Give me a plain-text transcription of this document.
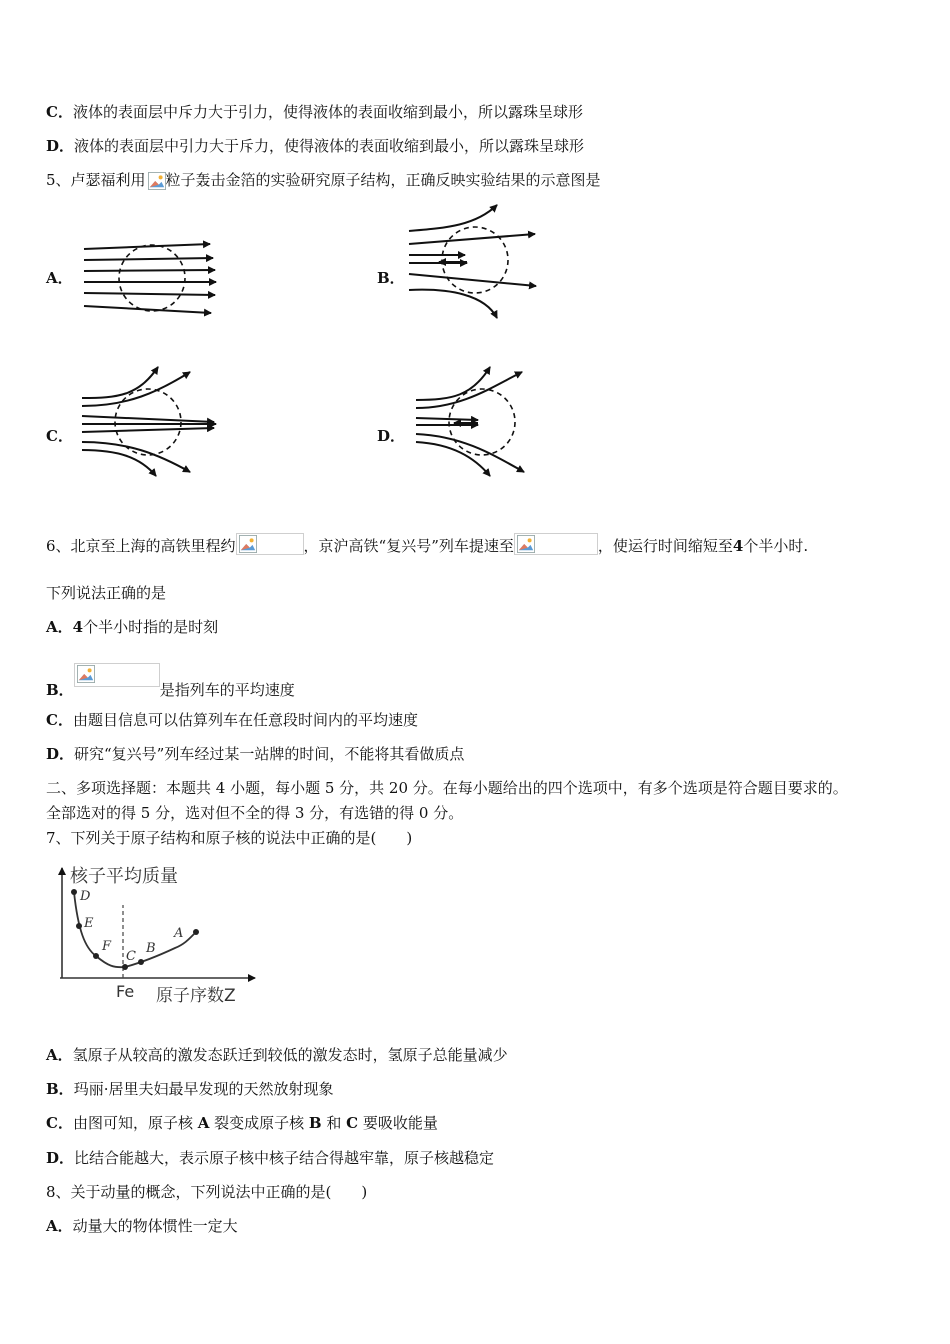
C．液体的表面层中斥力大于引力，使得液体的表面收缩到最小，所以露珠呈球形
D．液体的表面层中引力大于斥力，使得液体的表面收缩到最小，所以露珠呈球形
5、卢瑟福利用 粒子轰击金箔的实验研究原子结构，正确反映实验结果的示意图是
A．	B．
C．	D．
6、北京至上海的高铁里程约	，京沪高铁“复兴号”列车提速至	，使运行时间缩短至4个半小时.
下列说法正确的是
A．4个半小时指的是时刻
B．	是指列车的平均速度
C．由题目信息可以估算列车在任意段时间内的平均速度
D．研究“复兴号”列车经过某一站牌的时间，不能将其看做质点
二、多项选择题：本题共 4 小题，每小题 5 分，共 20 分。在每小题给出的四个选项中，有多个选项是符合题目要求的。
全部选对的得 5 分，选对但不全的得 3 分，有选错的得 0 分。
7、下列关于原子结构和原子核的说法中正确的是(　　)
D
E
F
C
B
A
核子平均质量
Fe 原子序数Z
A．氢原子从较高的激发态跃迁到较低的激发态时，氢原子总能量减少
B．玛丽·居里夫妇最早发现的天然放射现象
C．由图可知，原子核 A 裂变成原子核 B 和 C 要吸收能量
D．比结合能越大，表示原子核中核子结合得越牢靠，原子核越稳定
8、关于动量的概念，下列说法中正确的是(　　)
A．动量大的物体惯性一定大
